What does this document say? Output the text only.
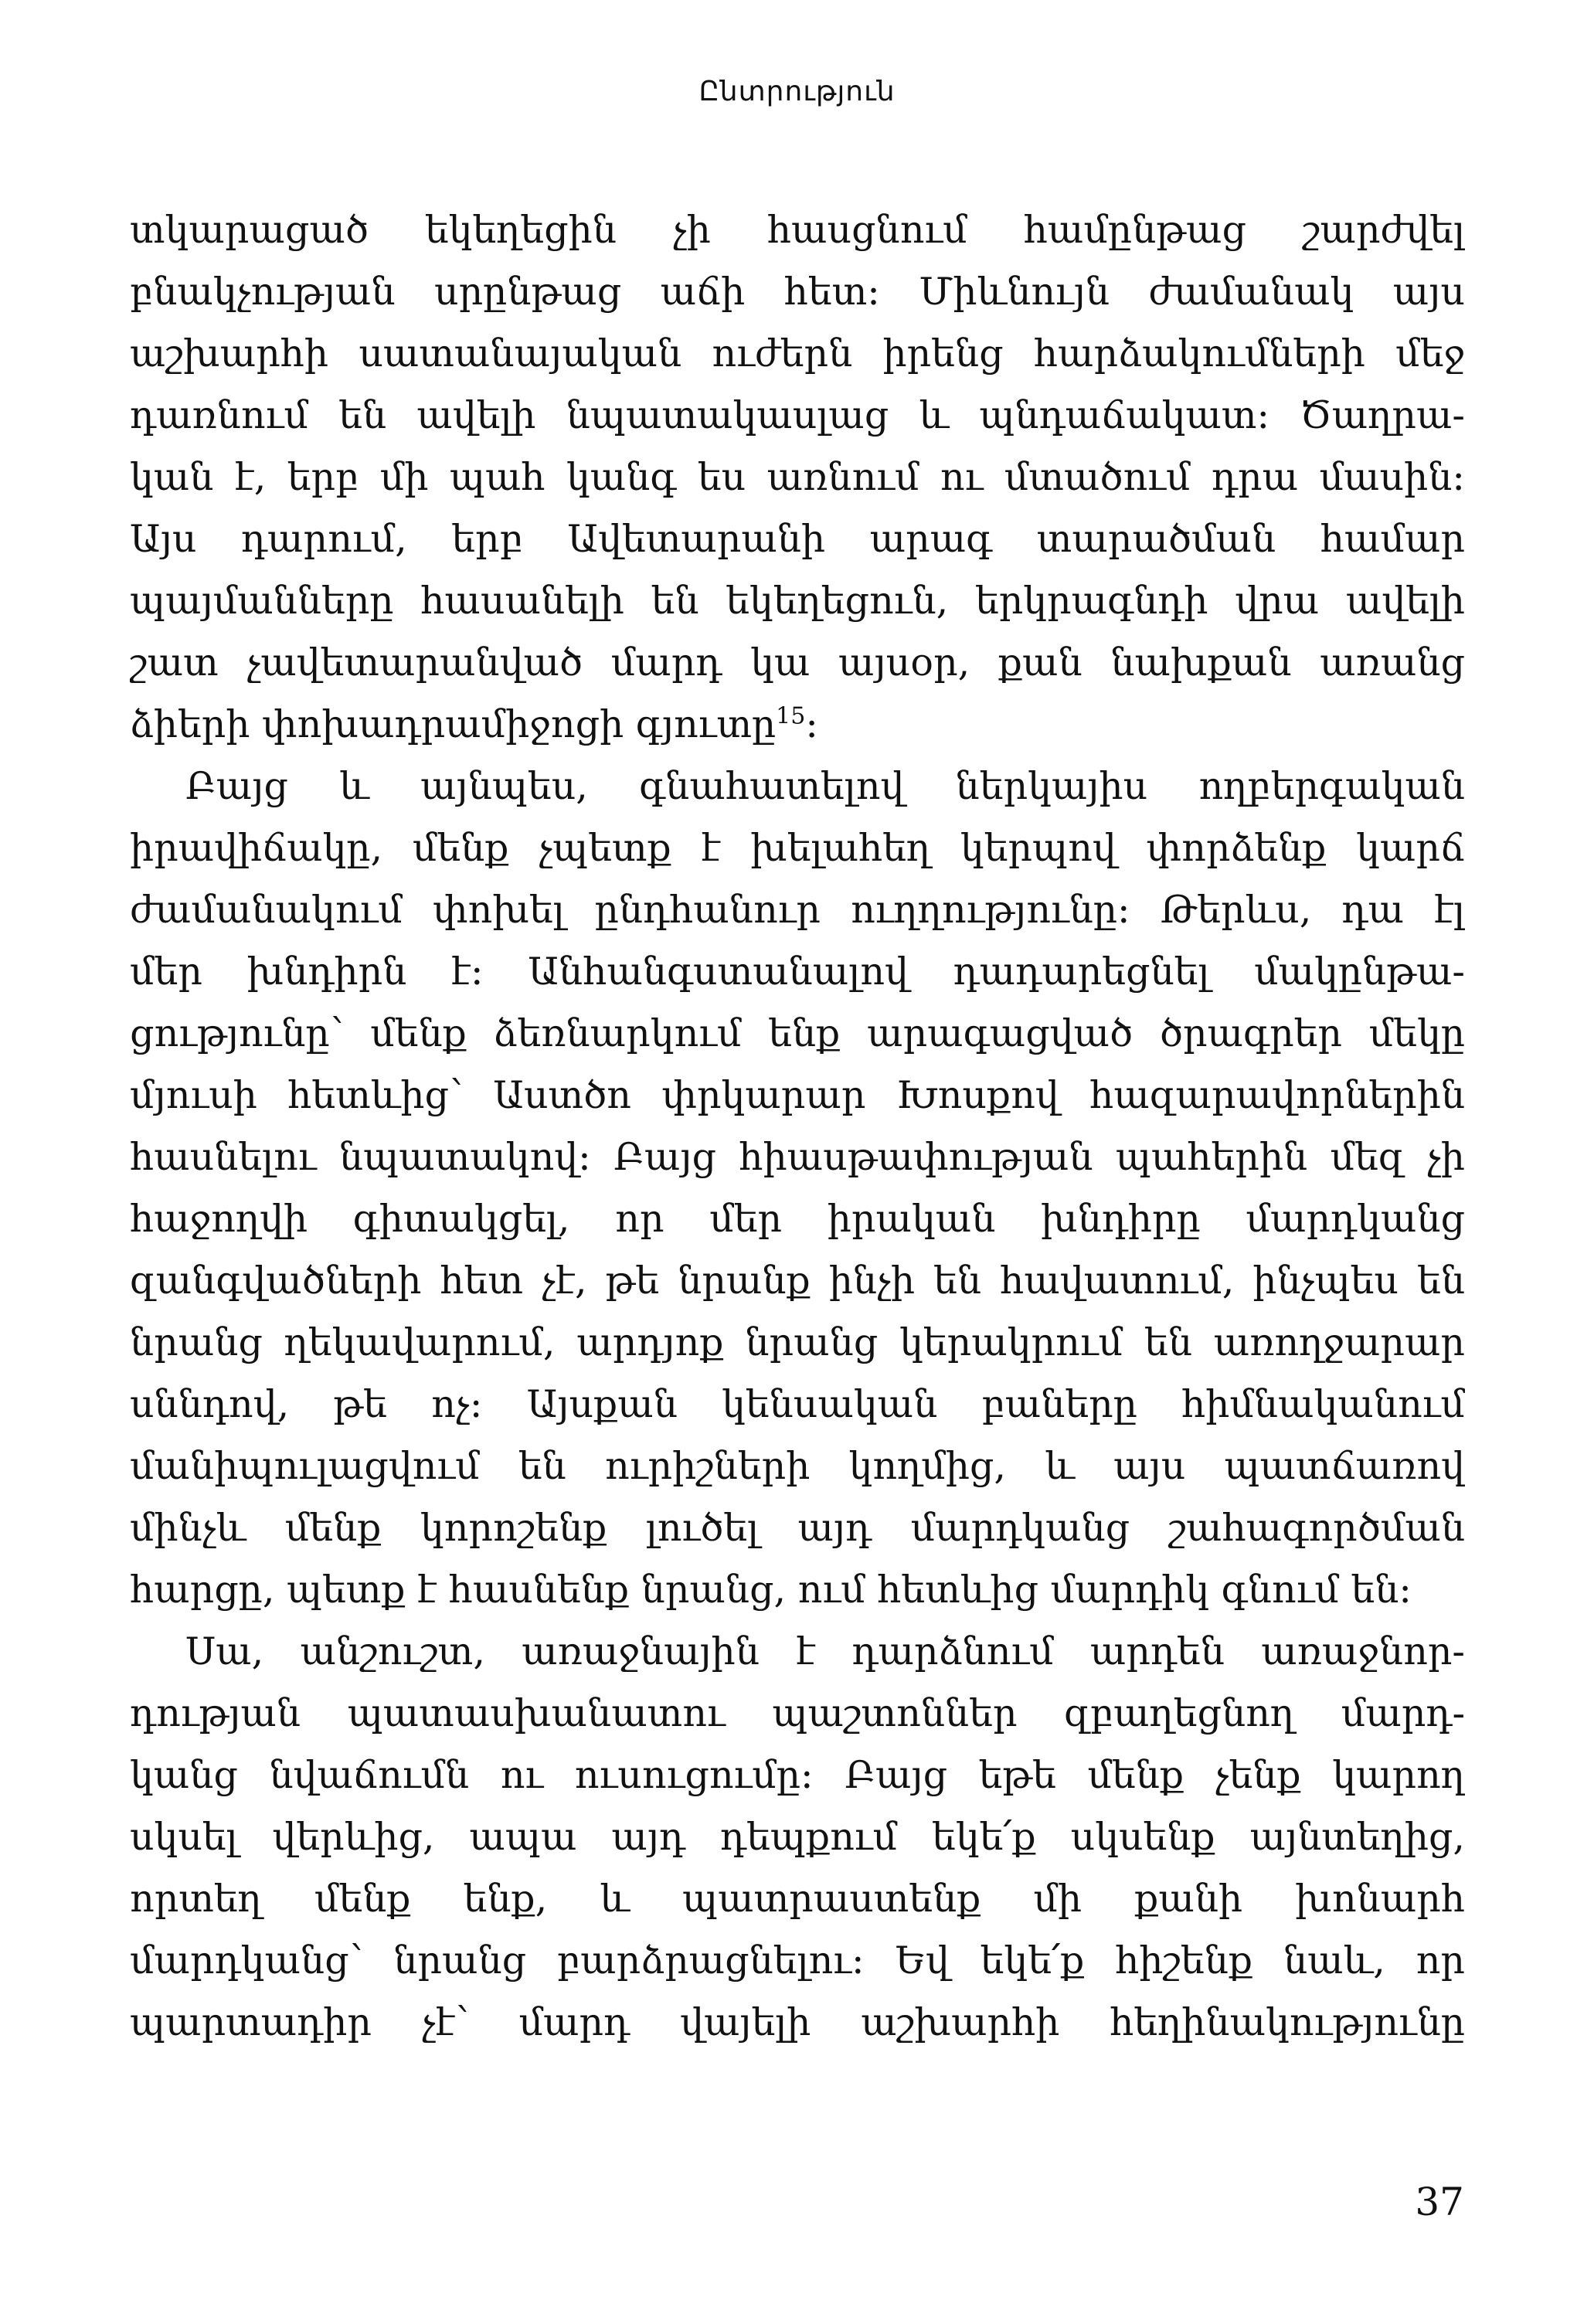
Ընտրություն
տկարացած եկեղեցին չի հասցնում համընթաց շարժվել
բնակչության սրընթաց աճի հետ։ Միևնույն ժամանակ այս
աշխարհի սատանայական ուժերն իրենց հարձակումների մեջ
դառնում են ավելի նպատակասլաց և պնդաճակատ։ Ծաղրա-
կան է, երբ մի պահ կանգ ես առնում ու մտածում դրա մասին։
Այս դարում, երբ Ավետարանի արագ տարածման համար
պայմանները հասանելի են եկեղեցուն, երկրագնդի վրա ավելի
շատ չավետարանված մարդ կա այսօր, քան նախքան առանց
ձիերի փոխադրամիջոցի գյուտը$^{15}$։
Բայց և այնպես, գնահատելով ներկայիս ողբերգական
իրավիճակը, մենք չպետք է խելահեղ կերպով փորձենք կարճ
ժամանակում փոխել ընդհանուր ուղղությունը։ Թերևս, դա էլ
մեր խնդիրն է։ Անհանգստանալով դադարեցնել մակընթա-
ցությունը՝ մենք ձեռնարկում ենք արագացված ծրագրեր մեկը
մյուսի հետևից՝ Աստծո փրկարար Խոսքով հազարավորներին
հասնելու նպատակով։ Բայց հիասթափության պահերին մեզ չի
հաջողվի գիտակցել, որ մեր իրական խնդիրը մարդկանց
զանգվածների հետ չէ, թե նրանք ինչի են հավատում, ինչպես են
նրանց ղեկավարում, արդյոք նրանց կերակրում են առողջարար
սննդով, թե ոչ։ Այսքան կենսական բաները հիմնականում
մանիպուլացվում են ուրիշների կողմից, և այս պատճառով
մինչև մենք կորոշենք լուծել այդ մարդկանց շահագործման
հարցը, պետք է հասնենք նրանց, ում հետևից մարդիկ գնում են։
Սա, անշուշտ, առաջնային է դարձնում արդեն առաջնոր-
դության պատասխանատու պաշտոններ զբաղեցնող մարդ-
կանց նվաճումն ու ուսուցումը։ Բայց եթե մենք չենք կարող
սկսել վերևից, ապա այդ դեպքում եկե՛ք սկսենք այնտեղից,
որտեղ մենք ենք, և պատրաստենք մի քանի խոնարհ
մարդկանց՝ նրանց բարձրացնելու։ Եվ եկե՛ք հիշենք նաև, որ
պարտադիր չէ՝ մարդ վայելի աշխարհի հեղինակությունը
37
